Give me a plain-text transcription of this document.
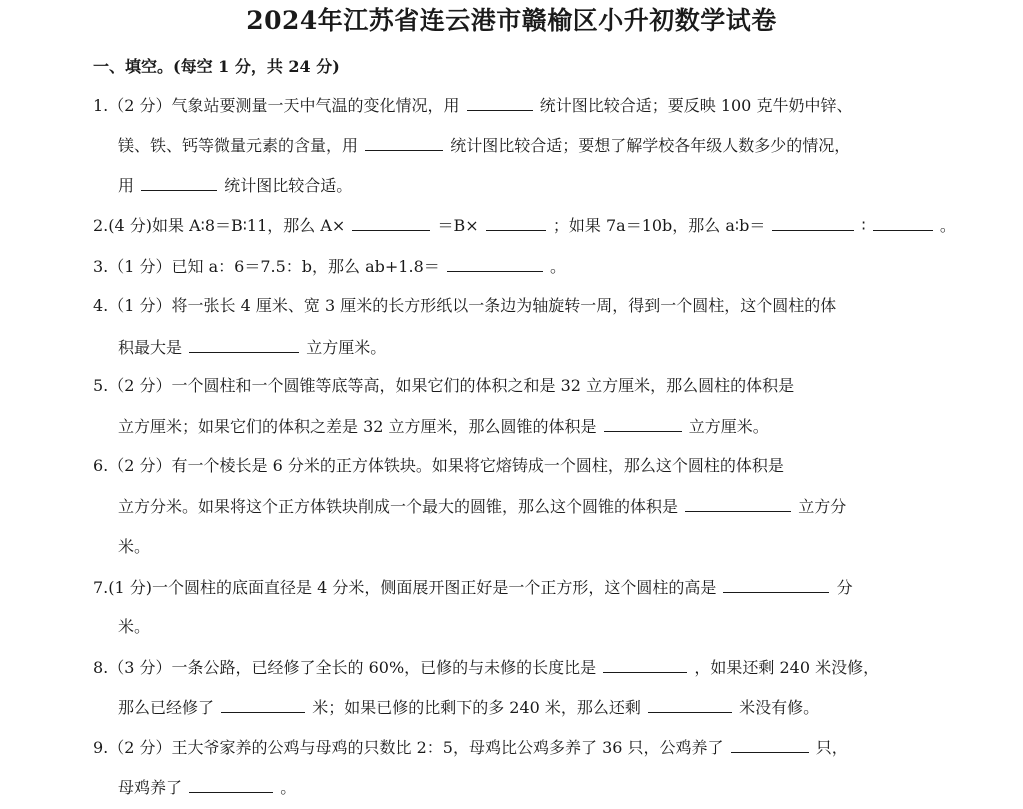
2024年江苏省连云港市赣榆区小升初数学试卷
一、填空。(每空 1 分，共 24 分)
1.（2 分）气象站要测量一天中气温的变化情况，用	统计图比较合适；要反映 100 克牛奶中锌、
镁、铁、钙等微量元素的含量，用	统计图比较合适；要想了解学校各年级人数多少的情况，
用	统计图比较合适。
2.(4 分)如果 A∶8＝B∶11，那么 A×	＝B×	；如果 7a＝10b，那么 a∶b＝	∶	。
3.（1 分）已知 a：6＝7.5：b，那么 ab+1.8＝	。
4.（1 分）将一张长 4 厘米、宽 3 厘米的长方形纸以一条边为轴旋转一周，得到一个圆柱，这个圆柱的体
积最大是	立方厘米。
5.（2 分）一个圆柱和一个圆锥等底等高，如果它们的体积之和是 32 立方厘米，那么圆柱的体积是
立方厘米；如果它们的体积之差是 32 立方厘米，那么圆锥的体积是	立方厘米。
6.（2 分）有一个棱长是 6 分米的正方体铁块。如果将它熔铸成一个圆柱，那么这个圆柱的体积是
立方分米。如果将这个正方体铁块削成一个最大的圆锥，那么这个圆锥的体积是	立方分
米。
7.(1 分)一个圆柱的底面直径是 4 分米，侧面展开图正好是一个正方形，这个圆柱的高是	分
米。
8.（3 分）一条公路，已经修了全长的 60%，已修的与未修的长度比是	，如果还剩 240 米没修，
那么已经修了	米；如果已修的比剩下的多 240 米，那么还剩	米没有修。
9.（2 分）王大爷家养的公鸡与母鸡的只数比 2：5，母鸡比公鸡多养了 36 只，公鸡养了	只，
母鸡养了	。
